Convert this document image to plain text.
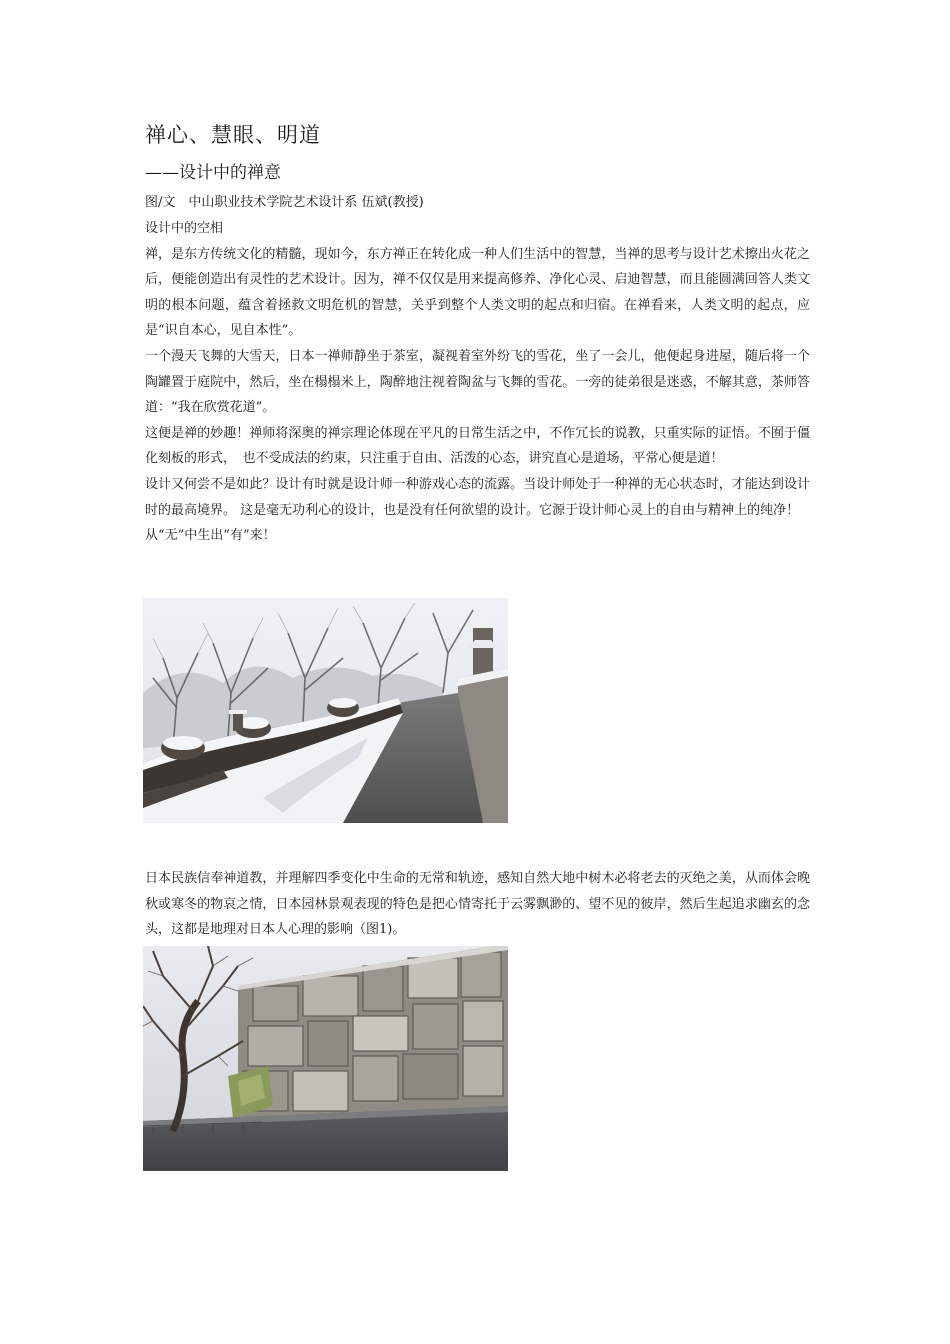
禅心、慧眼、明道
——设计中的禅意
图/文　中山职业技术学院艺术设计系 伍斌(教授)

设计中的空相

禅，是东方传统文化的精髓，现如今，东方禅正在转化成一种人们生活中的智慧，当禅的思考与设计艺术擦出火花之后，便能创造出有灵性的艺术设计。因为，禅不仅仅是用来提高修养、净化心灵、启迪智慧，而且能圆满回答人类文明的根本问题，蕴含着拯救文明危机的智慧，关乎到整个人类文明的起点和归宿。在禅看来，人类文明的起点，应是“识自本心，见自本性”。

一个漫天飞舞的大雪天，日本一禅师静坐于茶室，凝视着室外纷飞的雪花，坐了一会儿，他便起身进屋，随后将一个陶罐置于庭院中，然后，坐在榻榻米上，陶醉地注视着陶盆与飞舞的雪花。一旁的徒弟很是迷惑，不解其意，茶师答道：“我在欣赏花道”。

这便是禅的妙趣！禅师将深奥的禅宗理论体现在平凡的日常生活之中，不作冗长的说教，只重实际的证悟。不囿于僵化刻板的形式，　也不受成法的约束，只注重于自由、活泼的心态，讲究直心是道场，平常心便是道！

设计又何尝不是如此？设计有时就是设计师一种游戏心态的流露。当设计师处于一种禅的无心状态时，才能达到设计时的最高境界。 这是毫无功利心的设计，也是没有任何欲望的设计。它源于设计师心灵上的自由与精神上的纯净！

从“无”中生出“有”来！

日本民族信奉神道教，并理解四季变化中生命的无常和轨迹，感知自然大地中树木必将老去的灭绝之美，从而体会晚秋或寒冬的物哀之情，日本园林景观表现的特色是把心情寄托于云雾飘渺的、望不见的彼岸，然后生起追求幽玄的念头，这都是地理对日本人心理的影响（图1)。
